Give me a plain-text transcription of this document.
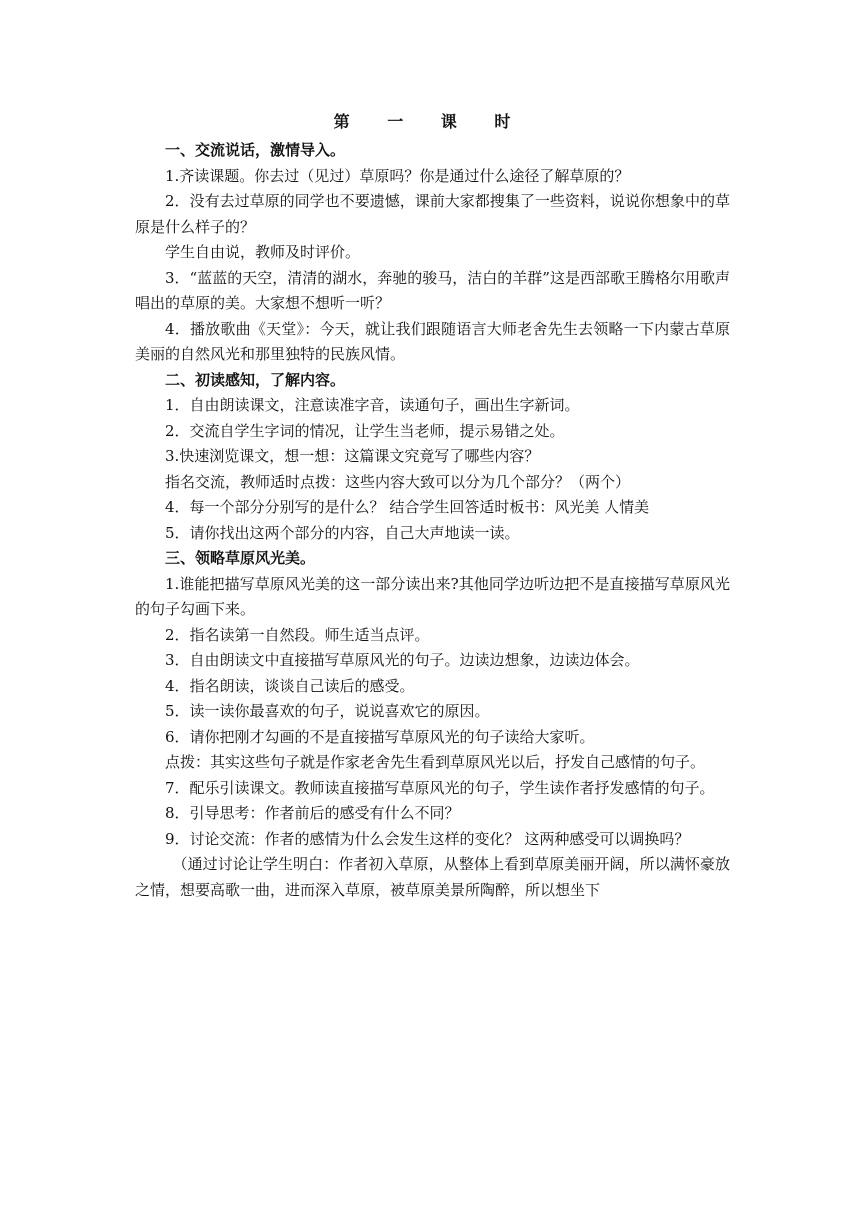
第 一 课 时

一、交流说话，激情导入。

1.齐读课题。你去过（见过）草原吗？你是通过什么途径了解草原的？

2．没有去过草原的同学也不要遗憾，课前大家都搜集了一些资料，说说你想象中的草原是什么样子的？

学生自由说，教师及时评价。

3．“蓝蓝的天空，清清的湖水，奔驰的骏马，洁白的羊群”这是西部歌王腾格尔用歌声唱出的草原的美。大家想不想听一听？

4．播放歌曲《天堂》：今天，就让我们跟随语言大师老舍先生去领略一下内蒙古草原美丽的自然风光和那里独特的民族风情。

二、初读感知，了解内容。

1．自由朗读课文，注意读准字音，读通句子，画出生字新词。

2．交流自学生字词的情况，让学生当老师，提示易错之处。

3.快速浏览课文，想一想：这篇课文究竟写了哪些内容？

指名交流，教师适时点拨：这些内容大致可以分为几个部分？（两个）

4．每一个部分分别写的是什么？ 结合学生回答适时板书：风光美 人情美

5．请你找出这两个部分的内容，自己大声地读一读。

三、领略草原风光美。

1.谁能把描写草原风光美的这一部分读出来?其他同学边听边把不是直接描写草原风光的句子勾画下来。

2．指名读第一自然段。师生适当点评。

3．自由朗读文中直接描写草原风光的句子。边读边想象，边读边体会。

4．指名朗读，谈谈自己读后的感受。

5．读一读你最喜欢的句子，说说喜欢它的原因。

6．请你把刚才勾画的不是直接描写草原风光的句子读给大家听。

点拨：其实这些句子就是作家老舍先生看到草原风光以后，抒发自己感情的句子。

7．配乐引读课文。教师读直接描写草原风光的句子，学生读作者抒发感情的句子。

8．引导思考：作者前后的感受有什么不同？

9．讨论交流：作者的感情为什么会发生这样的变化？ 这两种感受可以调换吗？

（通过讨论让学生明白：作者初入草原，从整体上看到草原美丽开阔，所以满怀豪放之情，想要高歌一曲，进而深入草原，被草原美景所陶醉，所以想坐下
